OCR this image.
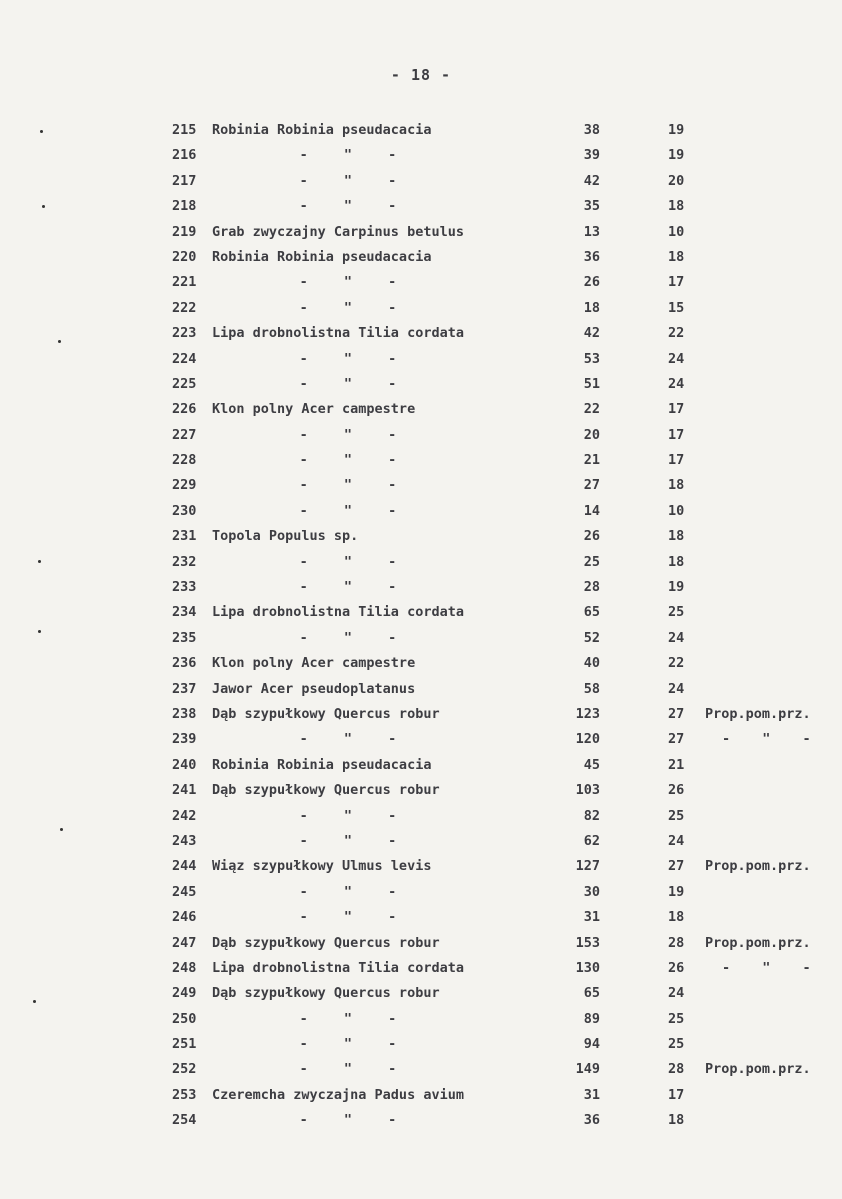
- 18 -
215 Robinia Robinia pseudacacia	38	19
216	- " -	39	19
217	- " -	42	20
218	- " -	35	18
219 Grab zwyczajny Carpinus betulus	13	10
220 Robinia Robinia pseudacacia	36	18
221	- " -	26	17
222	- " -	18	15
223 Lipa drobnolistna Tilia cordata	42	22
224	- " -	53	24
225	- " -	51	24
226 Klon polny Acer campestre	22	17
227	- " -	20	17
228	- " -	21	17
229	- " -	27	18
230	- " -	14	10
231 Topola Populus sp.	26	18
232	- " -	25	18
233	- " -	28	19
234 Lipa drobnolistna Tilia cordata	65	25
235	- " -	52	24
236 Klon polny Acer campestre	40	22
237 Jawor Acer pseudoplatanus	58	24
238 Dąb szypułkowy Quercus robur	123	27 Prop.pom.prz.
239	- " -	120	27	- " -
240 Robinia Robinia pseudacacia	45	21
241 Dąb szypułkowy Quercus robur	103	26
242	- " -	82	25
243	- " -	62	24
244 Wiąz szypułkowy Ulmus levis	127	27 Prop.pom.prz.
245	- " -	30	19
246	- " -	31	18
247 Dąb szypułkowy Quercus robur	153	28 Prop.pom.prz.
248 Lipa drobnolistna Tilia cordata	130	26	- " -
249 Dąb szypułkowy Quercus robur	65	24
250	- " -	89	25
251	- " -	94	25
252	- " -	149	28 Prop.pom.prz.
253 Czeremcha zwyczajna Padus avium	31	17
254	- " -	36	18
